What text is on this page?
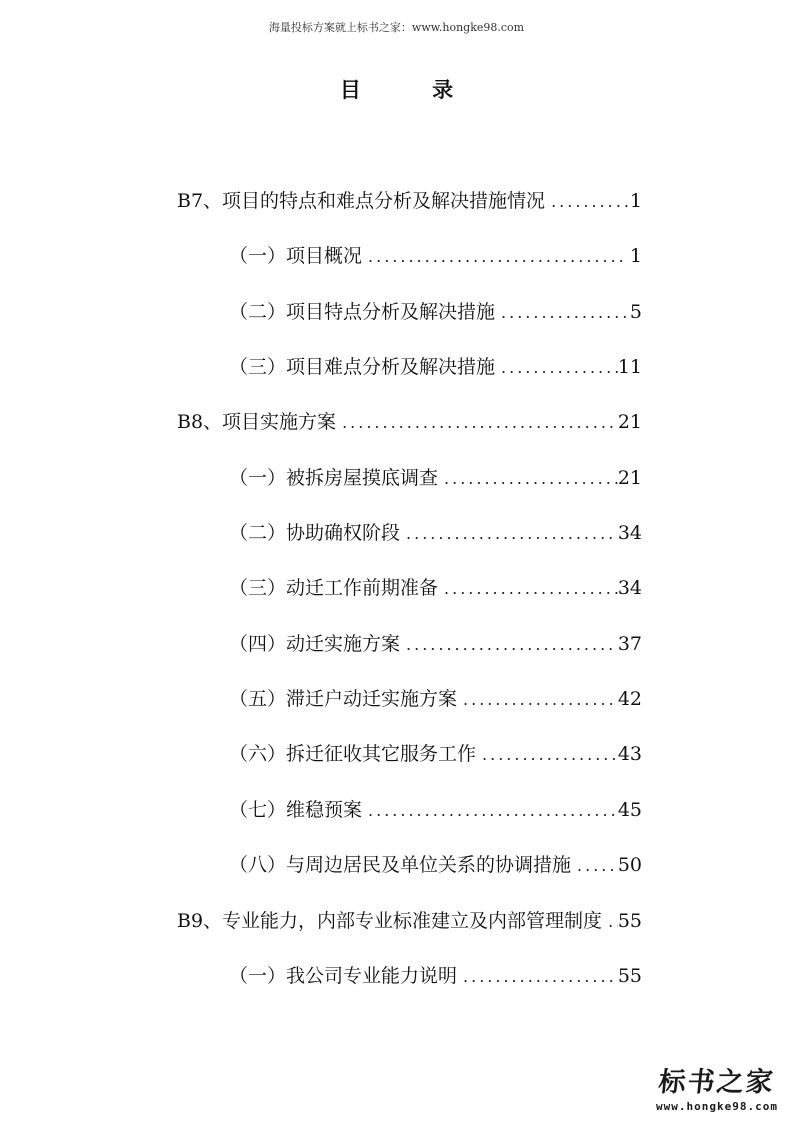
海量投标方案就上标书之家：www.hongke98.com
目 录
B7、项目的特点和难点分析及解决措施情况 .....	1
（一）项目概况 .....	1
（二）项目特点分析及解决措施 .....	5
（三）项目难点分析及解决措施 .....	11
B8、项目实施方案 .....	21
（一）被拆房屋摸底调查 .....	21
（二）协助确权阶段 .....	34
（三）动迁工作前期准备 .....	34
（四）动迁实施方案 .....	37
（五）滞迁户动迁实施方案 .....	42
（六）拆迁征收其它服务工作 .....	43
（七）维稳预案 .....	45
（八）与周边居民及单位关系的协调措施 ..... 50
B9、专业能力，内部专业标准建立及内部管理制度 ..... 55
（一）我公司专业能力说明 .....	55
标书之家
www.hongke98.com
